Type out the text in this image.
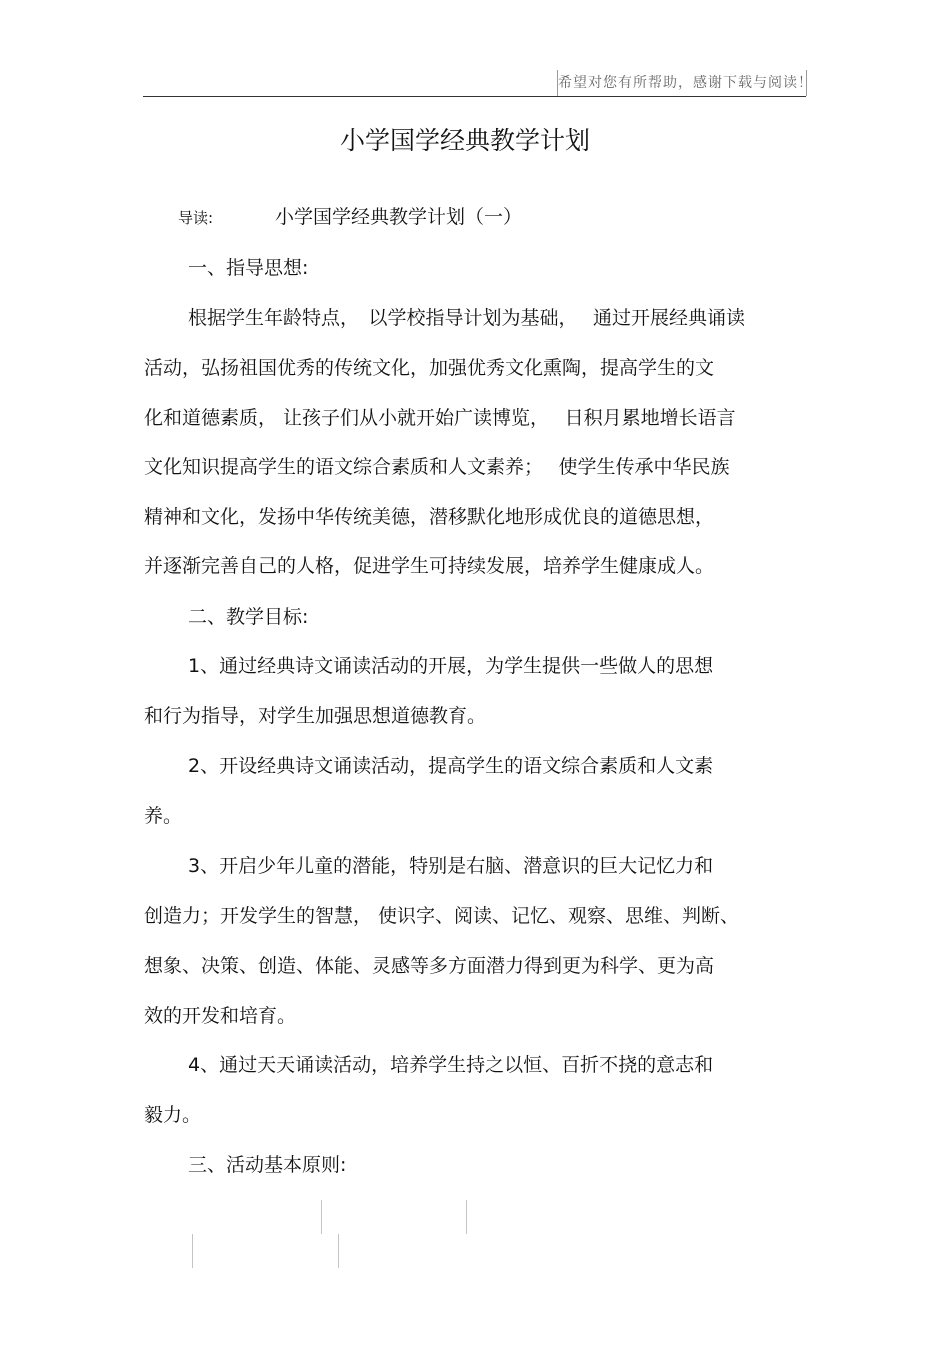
希望对您有所帮助，感谢下载与阅读！
小学国学经典教学计划
导读:	小学国学经典教学计划（一）
一、指导思想:
根据学生年龄特点，　以学校指导计划为基础，　 通过开展经典诵读
活动，弘扬祖国优秀的传统文化，加强优秀文化熏陶，提高学生的文
化和道德素质， 让孩子们从小就开始广读博览，　 日积月累地增长语言
文化知识提高学生的语文综合素质和人文素养；　 使学生传承中华民族
精神和文化，发扬中华传统美德，潜移默化地形成优良的道德思想，
并逐渐完善自己的人格，促进学生可持续发展，培养学生健康成人。
二、教学目标:
1、通过经典诗文诵读活动的开展，为学生提供一些做人的思想
和行为指导，对学生加强思想道德教育。
2、开设经典诗文诵读活动，提高学生的语文综合素质和人文素
养。
3、开启少年儿童的潜能，特别是右脑、潜意识的巨大记忆力和
创造力；开发学生的智慧， 使识字、阅读、记忆、观察、思维、判断、
想象、决策、创造、体能、灵感等多方面潜力得到更为科学、更为高
效的开发和培育。
4、通过天天诵读活动，培养学生持之以恒、百折不挠的意志和
毅力。
三、活动基本原则:
